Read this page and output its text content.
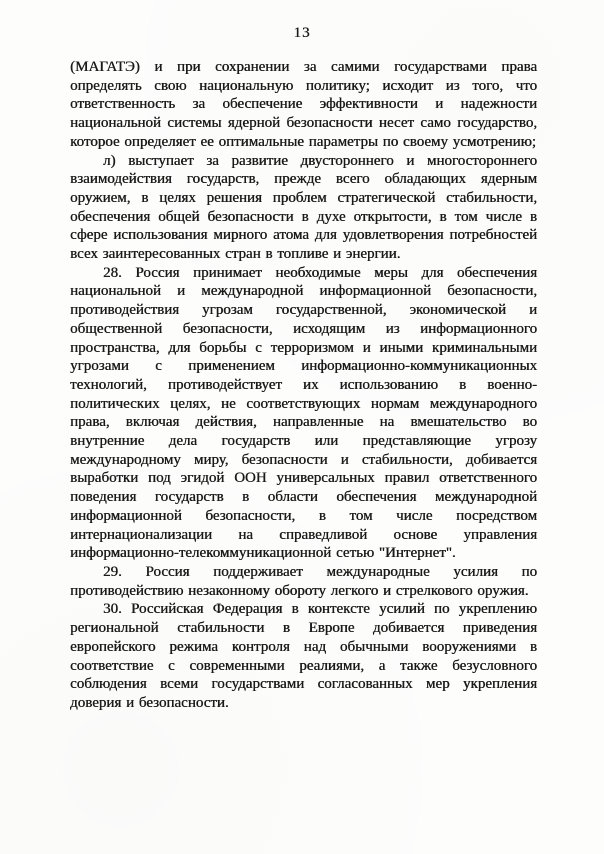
13

(МАГАТЭ) и при сохранении за самими государствами права определять свою национальную политику; исходит из того, что ответственность за обеспечение эффективности и надежности национальной системы ядерной безопасности несет само государство, которое определяет ее оптимальные параметры по своему усмотрению;

л) выступает за развитие двустороннего и многостороннего взаимодействия государств, прежде всего обладающих ядерным оружием, в целях решения проблем стратегической стабильности, обеспечения общей безопасности в духе открытости, в том числе в сфере использования мирного атома для удовлетворения потребностей всех заинтересованных стран в топливе и энергии.

28. Россия принимает необходимые меры для обеспечения национальной и международной информационной безопасности, противодействия угрозам государственной, экономической и общественной безопасности, исходящим из информационного пространства, для борьбы с терроризмом и иными криминальными угрозами с применением информационно-коммуникационных технологий, противодействует их использованию в военно-политических целях, не соответствующих нормам международного права, включая действия, направленные на вмешательство во внутренние дела государств или представляющие угрозу международному миру, безопасности и стабильности, добивается выработки под эгидой ООН универсальных правил ответственного поведения государств в области обеспечения международной информационной безопасности, в том числе посредством интернационализации на справедливой основе управления информационно-телекоммуникационной сетью "Интернет".

29. Россия поддерживает международные усилия по противодействию незаконному обороту легкого и стрелкового оружия.

30. Российская Федерация в контексте усилий по укреплению региональной стабильности в Европе добивается приведения европейского режима контроля над обычными вооружениями в соответствие с современными реалиями, а также безусловного соблюдения всеми государствами согласованных мер укрепления доверия и безопасности.
